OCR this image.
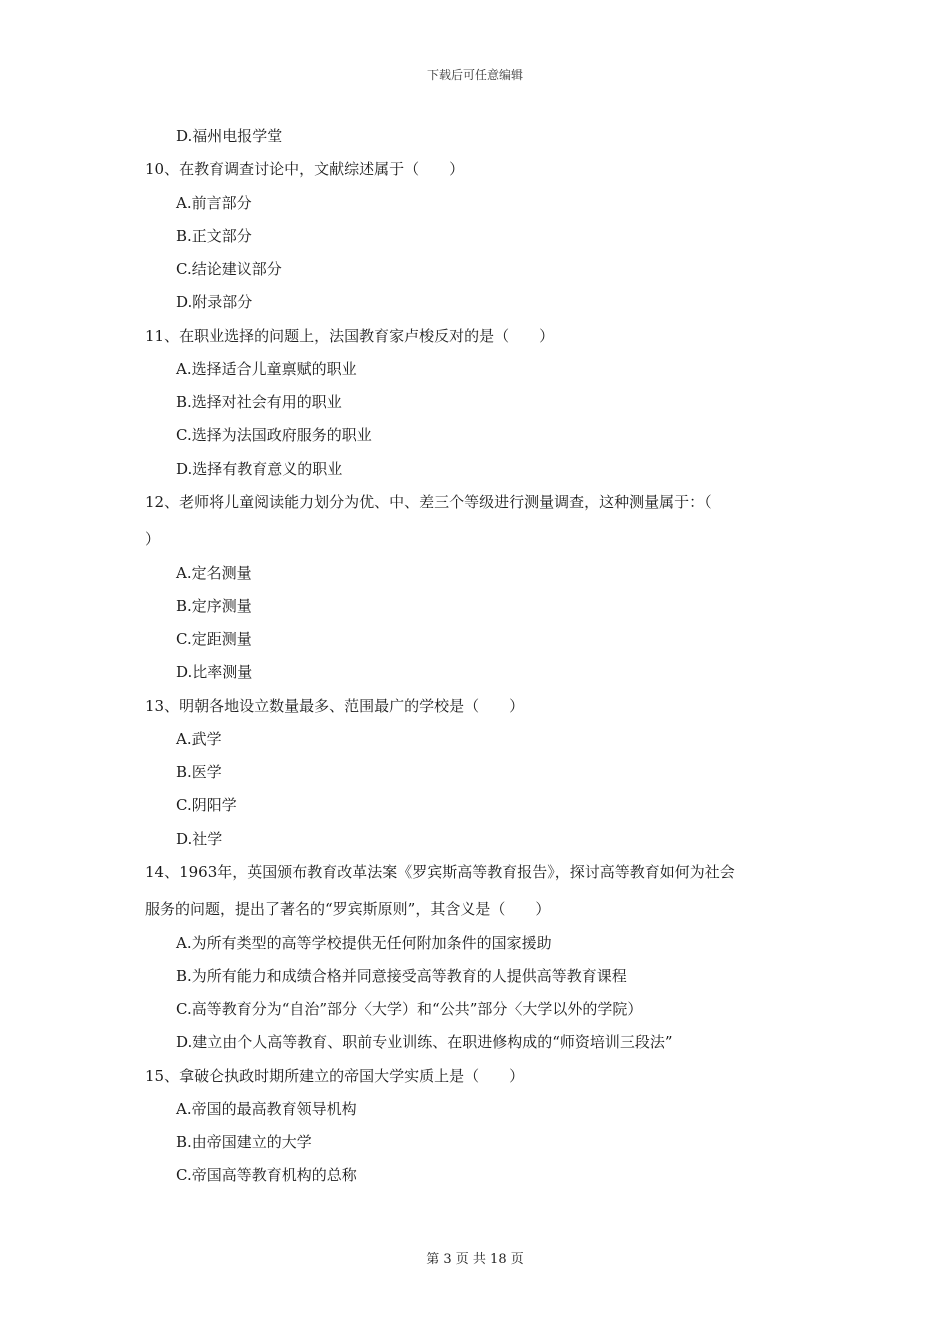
下载后可任意编辑
D.福州电报学堂
10、在教育调查讨论中，文献综述属于（　　）
A.前言部分
B.正文部分
C.结论建议部分
D.附录部分
11、在职业选择的问题上，法国教育家卢梭反对的是（　　）
A.选择适合儿童禀赋的职业
B.选择对社会有用的职业
C.选择为法国政府服务的职业
D.选择有教育意义的职业
12、老师将儿童阅读能力划分为优、中、差三个等级进行测量调查，这种测量属于：（
）
A.定名测量
B.定序测量
C.定距测量
D.比率测量
13、明朝各地设立数量最多、范围最广的学校是（　　）
A.武学
B.医学
C.阴阳学
D.社学
14、1963年，英国颁布教育改革法案《罗宾斯高等教育报告》，探讨高等教育如何为社会
服务的问题，提出了著名的“罗宾斯原则”，其含义是（　　）
A.为所有类型的高等学校提供无任何附加条件的国家援助
B.为所有能力和成绩合格并同意接受高等教育的人提供高等教育课程
C.高等教育分为“自治”部分〈大学）和“公共”部分〈大学以外的学院）
D.建立由个人高等教育、职前专业训练、在职进修构成的“师资培训三段法”
15、拿破仑执政时期所建立的帝国大学实质上是（　　）
A.帝国的最高教育领导机构
B.由帝国建立的大学
C.帝国高等教育机构的总称
第 3 页 共 18 页
